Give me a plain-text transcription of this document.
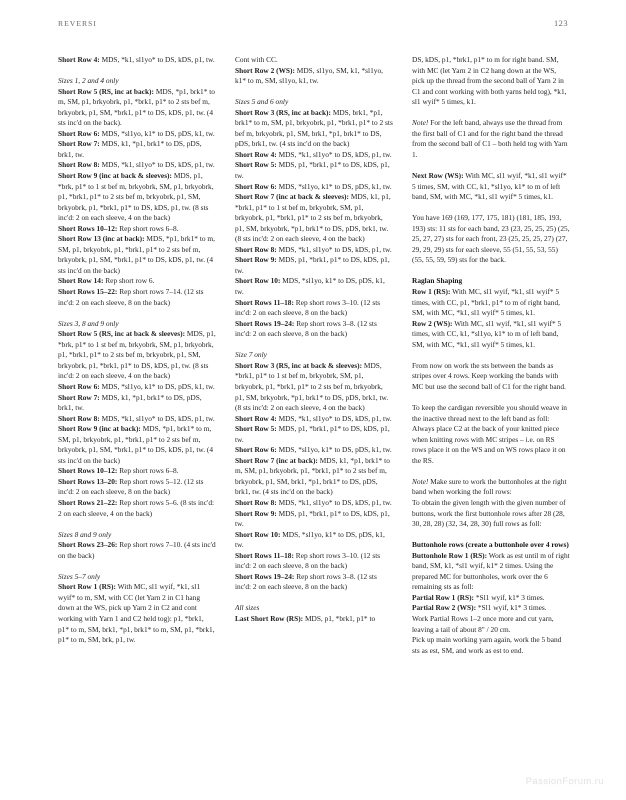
REVERSI	123

Short Row 4: MDS, *k1, sl1yo* to DS, kDS, p1, tw.

Sizes 1, 2 and 4 only

Short Row 5 (RS, inc at back): MDS, *p1, brk1* to m, SM, p1, brkyobrk, p1, *brk1, p1* to 2 sts bef m, brkyobrk, p1, SM, *brk1, p1* to DS, kDS, p1, tw. (4 sts inc'd on the back).

Short Row 6: MDS, *sl1yo, k1* to DS, pDS, k1, tw.

Short Row 7: MDS, k1, *p1, brk1* to DS, pDS, brk1, tw.

Short Row 8: MDS, *k1, sl1yo* to DS, kDS, p1, tw.

Short Row 9 (inc at back & sleeves): MDS, p1, *brk, p1* to 1 st bef m, brkyobrk, SM, p1, brkyobrk, p1, *brk1, p1* to 2 sts bef m, brkyobrk, p1, SM, brkyobrk, p1, *brk1, p1* to DS, kDS, p1, tw. (8 sts inc'd: 2 on each sleeve, 4 on the back)

Short Rows 10–12: Rep short rows 6–8.

Short Row 13 (inc at back): MDS, *p1, brk1* to m, SM, p1, brkyobrk, p1, *brk1, p1* to 2 sts bef m, brkyobrk, p1, SM, *brk1, p1* to DS, kDS, p1, tw. (4 sts inc'd on the back)

Short Row 14: Rep short row 6.

Short Rows 15–22: Rep short rows 7–14. (12 sts inc'd: 2 on each sleeve, 8 on the back)

Sizes 3, 8 and 9 only

Short Row 5 (RS, inc at back & sleeves): MDS, p1, *brk, p1* to 1 st bef m, brkyobrk, SM, p1, brkyobrk, p1, *brk1, p1* to 2 sts bef m, brkyobrk, p1, SM, brkyobrk, p1, *brk1, p1* to DS, kDS, p1, tw. (8 sts inc'd: 2 on each sleeve, 4 on the back)

Short Row 6: MDS, *sl1yo, k1* to DS, pDS, k1, tw.

Short Row 7: MDS, k1, *p1, brk1* to DS, pDS, brk1, tw.

Short Row 8: MDS, *k1, sl1yo* to DS, kDS, p1, tw.

Short Row 9 (inc at back): MDS, *p1, brk1* to m, SM, p1, brkyobrk, p1, *brk1, p1* to 2 sts bef m, brkyobrk, p1, SM, *brk1, p1* to DS, kDS, p1, tw. (4 sts inc'd on the back)

Short Rows 10–12: Rep short rows 6–8.

Short Rows 13–20: Rep short rows 5–12. (12 sts inc'd: 2 on each sleeve, 8 on the back)

Short Rows 21–22: Rep short rows 5–6. (8 sts inc'd: 2 on each sleeve, 4 on the back)

Sizes 8 and 9 only

Short Rows 23–26: Rep short rows 7–10. (4 sts inc'd on the back)

Sizes 5–7 only

Short Row 1 (RS): With MC, sl1 wyif, *k1, sl1 wyif* to m, SM, with CC (let Yarn 2 in C1 hang down at the WS, pick up Yarn 2 in C2 and cont working with Yarn 1 and C2 held tog): p1, *brk1, p1* to m, SM, brk1, *p1, brk1* to m, SM, p1, *brk1, p1* to m, SM, brk, p1, tw.

Cont with CC.

Short Row 2 (WS): MDS, sl1yo, SM, k1, *sl1yo, k1* to m, SM, sl1yo, k1, tw.

Sizes 5 and 6 only

Short Row 3 (RS, inc at back): MDS, brk1, *p1, brk1* to m, SM, p1, brkyobrk, p1, *brk1, p1* to 2 sts bef m, brkyobrk, p1, SM, brk1, *p1, brk1* to DS, pDS, brk1, tw. (4 sts inc'd on the back)

Short Row 4: MDS, *k1, sl1yo* to DS, kDS, p1, tw.

Short Row 5: MDS, p1, *brk1, p1* to DS, kDS, p1, tw.

Short Row 6: MDS, *sl1yo, k1* to DS, pDS, k1, tw.

Short Row 7 (inc at back & sleeves): MDS, k1, p1, *brk1, p1* to 1 st bef m, brkyobrk, SM, p1, brkyobrk, p1, *brk1, p1* to 2 sts bef m, brkyobrk, p1, SM, brkyobrk, *p1, brk1* to DS, pDS, brk1, tw. (8 sts inc'd: 2 on each sleeve, 4 on the back)

Short Row 8: MDS, *k1, sl1yo* to DS, kDS, p1, tw.

Short Row 9: MDS, p1, *brk1, p1* to DS, kDS, p1, tw.

Short Row 10: MDS, *sl1yo, k1* to DS, pDS, k1, tw.

Short Rows 11–18: Rep short rows 3–10. (12 sts inc'd: 2 on each sleeve, 8 on the back)

Short Rows 19–24: Rep short rows 3–8. (12 sts inc'd: 2 on each sleeve, 8 on the back)

Size 7 only

Short Row 3 (RS, inc at back & sleeves): MDS, *brk1, p1* to 1 st bef m, brkyobrk, SM, p1, brkyobrk, p1, *brk1, p1* to 2 sts bef m, brkyobrk, p1, SM, brkyobrk, *p1, brk1* to DS, pDS, brk1, tw. (8 sts inc'd: 2 on each sleeve, 4 on the back)

Short Row 4: MDS, *k1, sl1yo* to DS, kDS, p1, tw.

Short Row 5: MDS, p1, *brk1, p1* to DS, kDS, p1, tw.

Short Row 6: MDS, *sl1yo, k1* to DS, pDS, k1, tw.

Short Row 7 (inc at back): MDS, k1, *p1, brk1* to m, SM, p1, brkyobrk, p1, *brk1, p1* to 2 sts bef m, brkyobrk, p1, SM, brk1, *p1, brk1* to DS, pDS, brk1, tw. (4 sts inc'd on the back)

Short Row 8: MDS, *k1, sl1yo* to DS, kDS, p1, tw.

Short Row 9: MDS, p1, *brk1, p1* to DS, kDS, p1, tw.

Short Row 10: MDS, *sl1yo, k1* to DS, pDS, k1, tw.

Short Rows 11–18: Rep short rows 3–10. (12 sts inc'd: 2 on each sleeve, 8 on the back)

Short Rows 19–24: Rep short rows 3–8. (12 sts inc'd: 2 on each sleeve, 8 on the back)

All sizes

Last Short Row (RS): MDS, p1, *brk1, p1* to

DS, kDS, p1, *brk1, p1* to m for right band. SM, with MC (let Yarn 2 in C2 hang down at the WS, pick up the thread from the second ball of Yarn 2 in C1 and cont working with both yarns held tog), *k1, sl1 wyif* 5 times, k1.

Note! For the left band, always use the thread from the first ball of C1 and for the right band the thread from the second ball of C1 – both held tog with Yarn 1.

Next Row (WS): With MC, sl1 wyif, *k1, sl1 wyif* 5 times, SM, with CC, k1, *sl1yo, k1* to m of left band, SM, with MC, *k1, sl1 wyif* 5 times, k1.

You have 169 (169, 177, 175, 181) (181, 185, 193, 193) sts: 11 sts for each band, 23 (23, 25, 25, 25) (25, 25, 27, 27) sts for each front, 23 (25, 25, 25, 27) (27, 29, 29, 29) sts for each sleeve, 55 (51, 55, 53, 55) (55, 55, 59, 59) sts for the back.

Raglan Shaping

Row 1 (RS): With MC, sl1 wyif, *k1, sl1 wyif* 5 times, with CC, p1, *brk1, p1* to m of right band, SM, with MC, *k1, sl1 wyif* 5 times, k1.

Row 2 (WS): With MC, sl1 wyif, *k1, sl1 wyif* 5 times, with CC, k1, *sl1yo, k1* to m of left band, SM, with MC, *k1, sl1 wyif* 5 times, k1.

From now on work the sts between the bands as stripes over 4 rows. Keep working the bands with MC but use the second ball of C1 for the right band.

To keep the cardigan reversible you should weave in the inactive thread next to the left band as foll:

Always place C2 at the back of your knitted piece when knitting rows with MC stripes – i.e. on RS rows place it on the WS and on WS rows place it on the RS.

Note! Make sure to work the buttonholes at the right band when working the foll rows:

To obtain the given length with the given number of buttons, work the first buttonhole rows after 28 (28, 30, 28, 28) (32, 34, 28, 30) full rows as foll:

Buttonhole rows (create a buttonhole over 4 rows)

Buttonhole Row 1 (RS): Work as est until m of right band, SM, k1, *sl1 wyif, k1* 2 times. Using the prepared MC for buttonholes, work over the 6 remaining sts as foll:

Partial Row 1 (RS): *Sl1 wyif, k1* 3 times.

Partial Row 2 (WS): *Sl1 wyif, k1* 3 times.

Work Partial Rows 1–2 once more and cut yarn, leaving a tail of about 8" / 20 cm.

Pick up main working yarn again, work the 5 band sts as est, SM, and work as est to end.

PassionForum.ru
